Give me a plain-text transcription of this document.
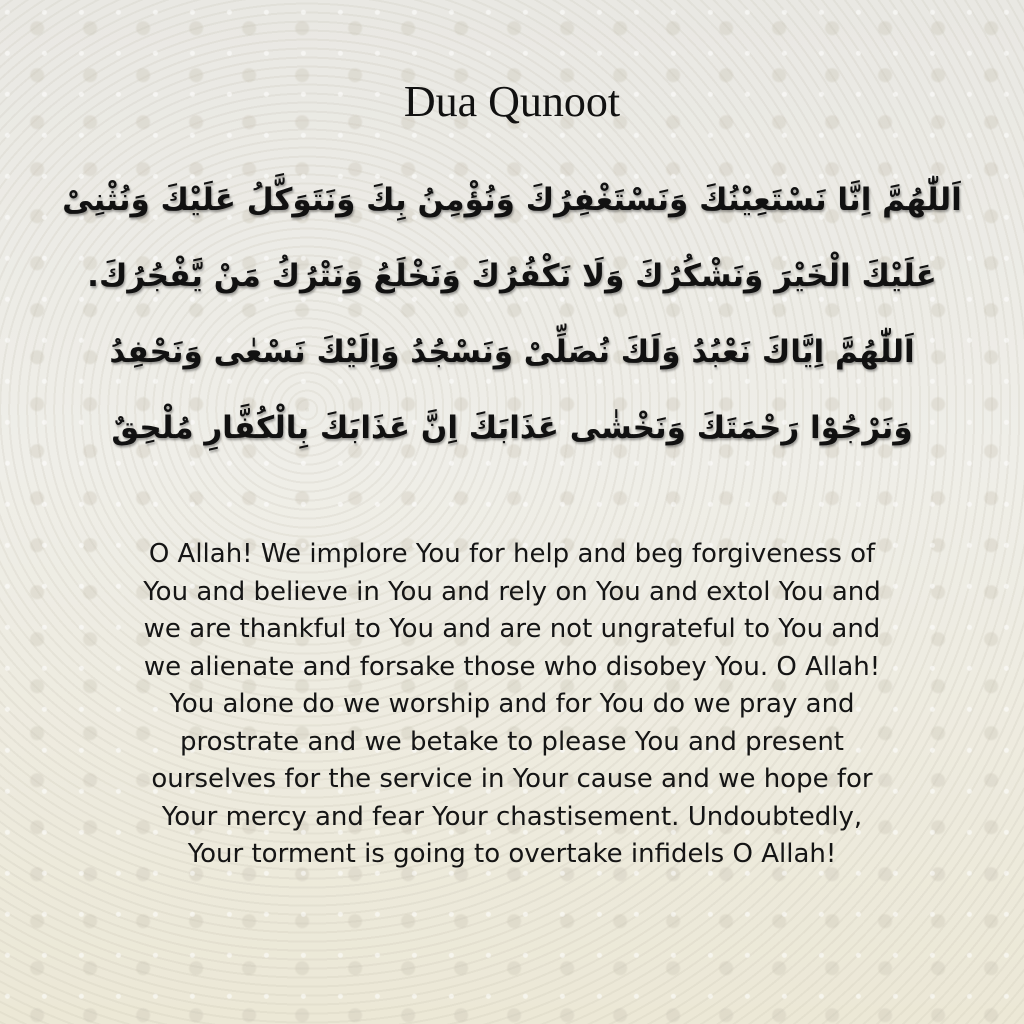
Dua Qunoot
اَللّٰهُمَّ اِنَّا نَسْتَعِيْنُكَ وَنَسْتَغْفِرُكَ وَنُؤْمِنُ بِكَ وَنَتَوَكَّلُ عَلَيْكَ وَنُثْنِیْ
عَلَيْكَ الْخَيْرَ وَنَشْكُرُكَ وَلَا نَكْفُرُكَ وَنَخْلَعُ وَنَتْرُكُ مَنْ يَّفْجُرُكَ.
اَللّٰهُمَّ اِيَّاكَ نَعْبُدُ وَلَكَ نُصَلِّىْ وَنَسْجُدُ وَاِلَيْكَ نَسْعٰى وَنَحْفِدُ
وَنَرْجُوْا رَحْمَتَكَ وَنَخْشٰى عَذَابَكَ اِنَّ عَذَابَكَ بِالْكُفَّارِ مُلْحِقٌ
O Allah! We implore You for help and beg forgiveness of
You and believe in You and rely on You and extol You and
we are thankful to You and are not ungrateful to You and
we alienate and forsake those who disobey You. O Allah!
You alone do we worship and for You do we pray and
prostrate and we betake to please You and present
ourselves for the service in Your cause and we hope for
Your mercy and fear Your chastisement. Undoubtedly,
Your torment is going to overtake infidels O Allah!
